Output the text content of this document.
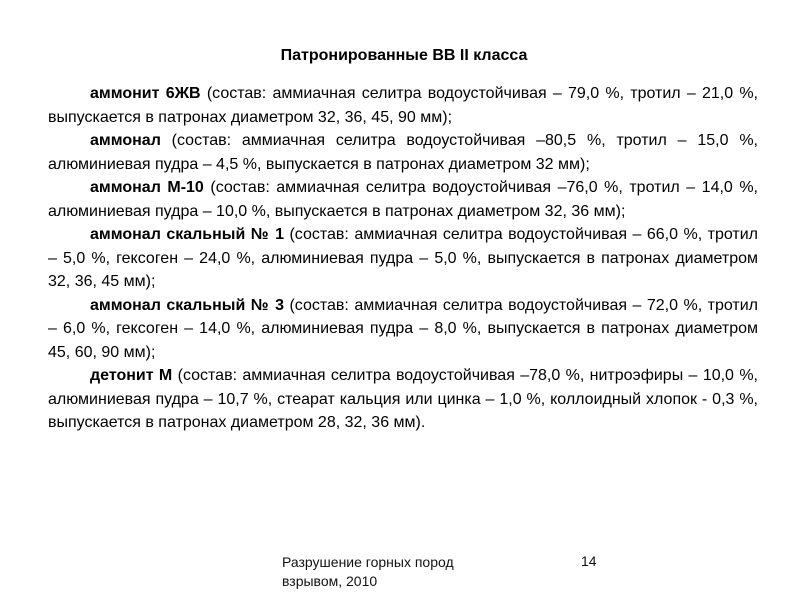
Патронированные ВВ II класса

аммонит 6ЖВ (состав: аммиачная селитра водоустойчивая – 79,0 %, тротил – 21,0 %, выпускается в патронах диаметром 32, 36, 45, 90 мм);

аммонал (состав: аммиачная селитра водоустойчивая –80,5 %, тротил – 15,0 %, алюминиевая пудра – 4,5 %, выпускается в патронах диаметром 32 мм);

аммонал М-10 (состав: аммиачная селитра водоустойчивая –76,0 %, тротил – 14,0 %, алюминиевая пудра – 10,0 %, выпускается в патронах диаметром 32, 36 мм);

аммонал скальный № 1 (состав: аммиачная селитра водоустойчивая – 66,0 %, тротил – 5,0 %, гексоген – 24,0 %, алюминиевая пудра – 5,0 %, выпускается в патронах диаметром 32, 36, 45 мм);

аммонал скальный № 3 (состав: аммиачная селитра водоустойчивая – 72,0 %, тротил – 6,0 %, гексоген – 14,0 %, алюминиевая пудра – 8,0 %, выпускается в патронах диаметром 45, 60, 90 мм);

детонит М (состав: аммиачная селитра водоустойчивая –78,0 %, нитроэфиры – 10,0 %, алюминиевая пудра – 10,7 %, стеарат кальция или цинка – 1,0 %, коллоидный хлопок - 0,3 %, выпускается в патронах диаметром 28, 32, 36 мм).

Разрушение горных пород
взрывом, 2010
14
